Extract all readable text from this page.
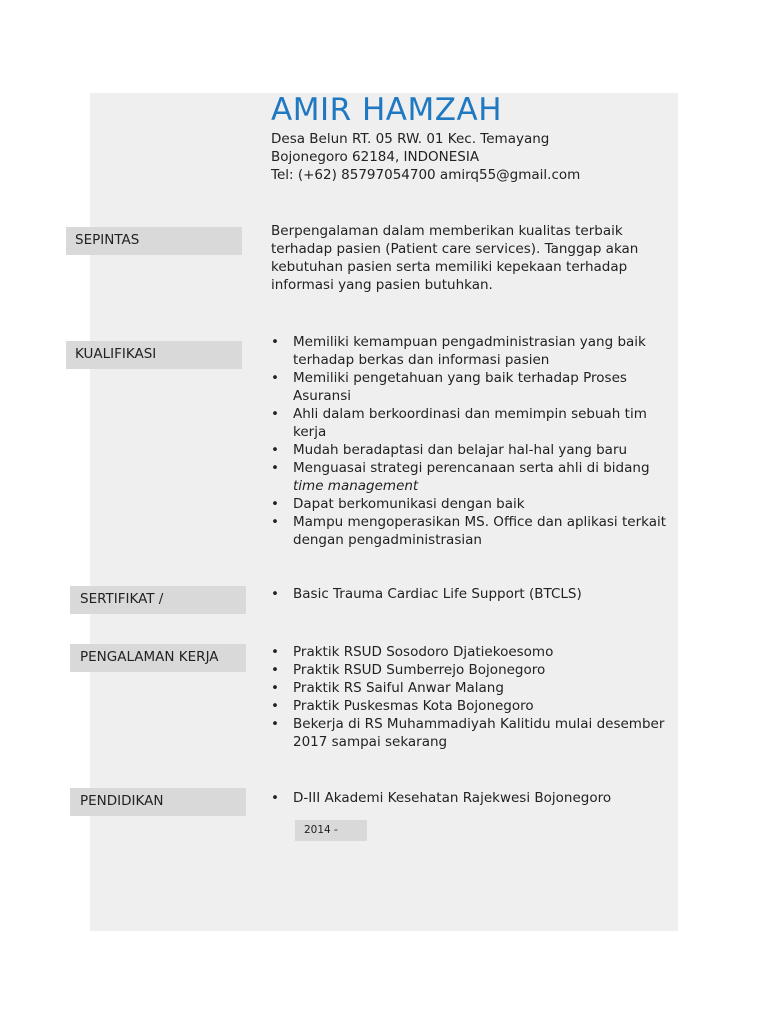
AMIR HAMZAH
Desa Belun RT. 05 RW. 01 Kec. Temayang
Bojonegoro 62184, INDONESIA
Tel: (+62) 85797054700 amirq55@gmail.com
SEPINTAS
Berpengalaman dalam memberikan kualitas terbaik
terhadap pasien (Patient care services). Tanggap akan
kebutuhan pasien serta memiliki kepekaan terhadap
informasi yang pasien butuhkan.
KUALIFIKASI
• Memiliki kemampuan pengadministrasian yang baik
terhadap berkas dan informasi pasien
• Memiliki pengetahuan yang baik terhadap Proses
Asuransi
• Ahli dalam berkoordinasi dan memimpin sebuah tim
kerja
• Mudah beradaptasi dan belajar hal-hal yang baru
• Menguasai strategi perencanaan serta ahli di bidang
time management
• Dapat berkomunikasi dengan baik
• Mampu mengoperasikan MS. Office dan aplikasi terkait
dengan pengadministrasian
SERTIFIKAT /	• Basic Trauma Cardiac Life Support (BTCLS)
PENGALAMAN KERJA	• Praktik RSUD Sosodoro Djatiekoesomo
• Praktik RSUD Sumberrejo Bojonegoro
• Praktik RS Saiful Anwar Malang
• Praktik Puskesmas Kota Bojonegoro
• Bekerja di RS Muhammadiyah Kalitidu mulai desember
2017 sampai sekarang
PENDIDIKAN	• D-III Akademi Kesehatan Rajekwesi Bojonegoro
2014 -
